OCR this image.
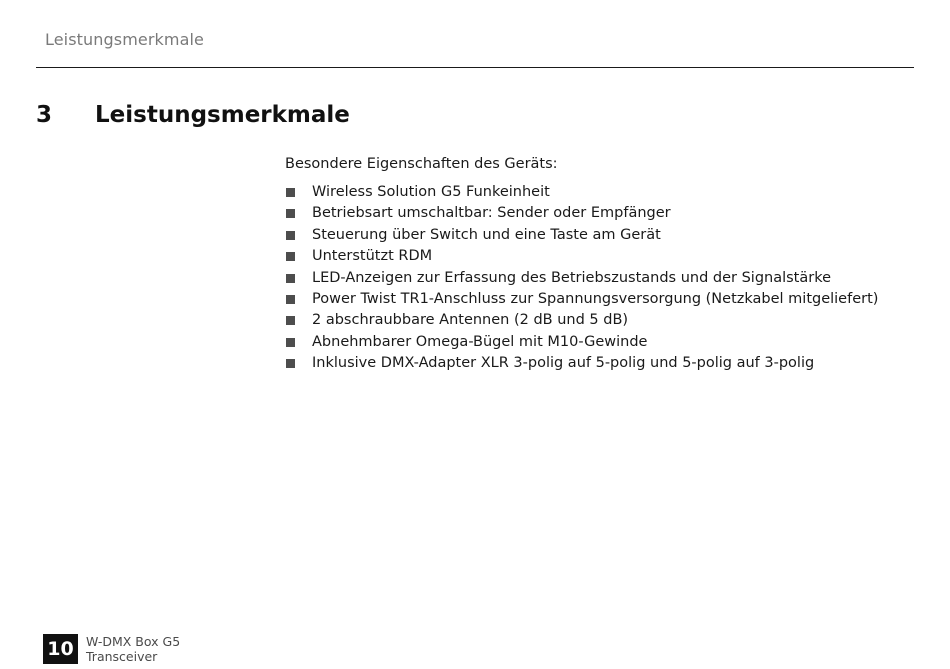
Leistungsmerkmale
3 Leistungsmerkmale

Besondere Eigenschaften des Geräts:

Wireless Solution G5 Funkeinheit
Betriebsart umschaltbar: Sender oder Empfänger
Steuerung über Switch und eine Taste am Gerät
Unterstützt RDM
LED-Anzeigen zur Erfassung des Betriebszustands und der Signalstärke
Power Twist TR1-Anschluss zur Spannungsversorgung (Netzkabel mitgeliefert)
2 abschraubbare Antennen (2 dB und 5 dB)
Abnehmbarer Omega-Bügel mit M10-Gewinde
Inklusive DMX-Adapter XLR 3-polig auf 5-polig und 5-polig auf 3-polig
10 W-DMX Box G5
Transceiver
